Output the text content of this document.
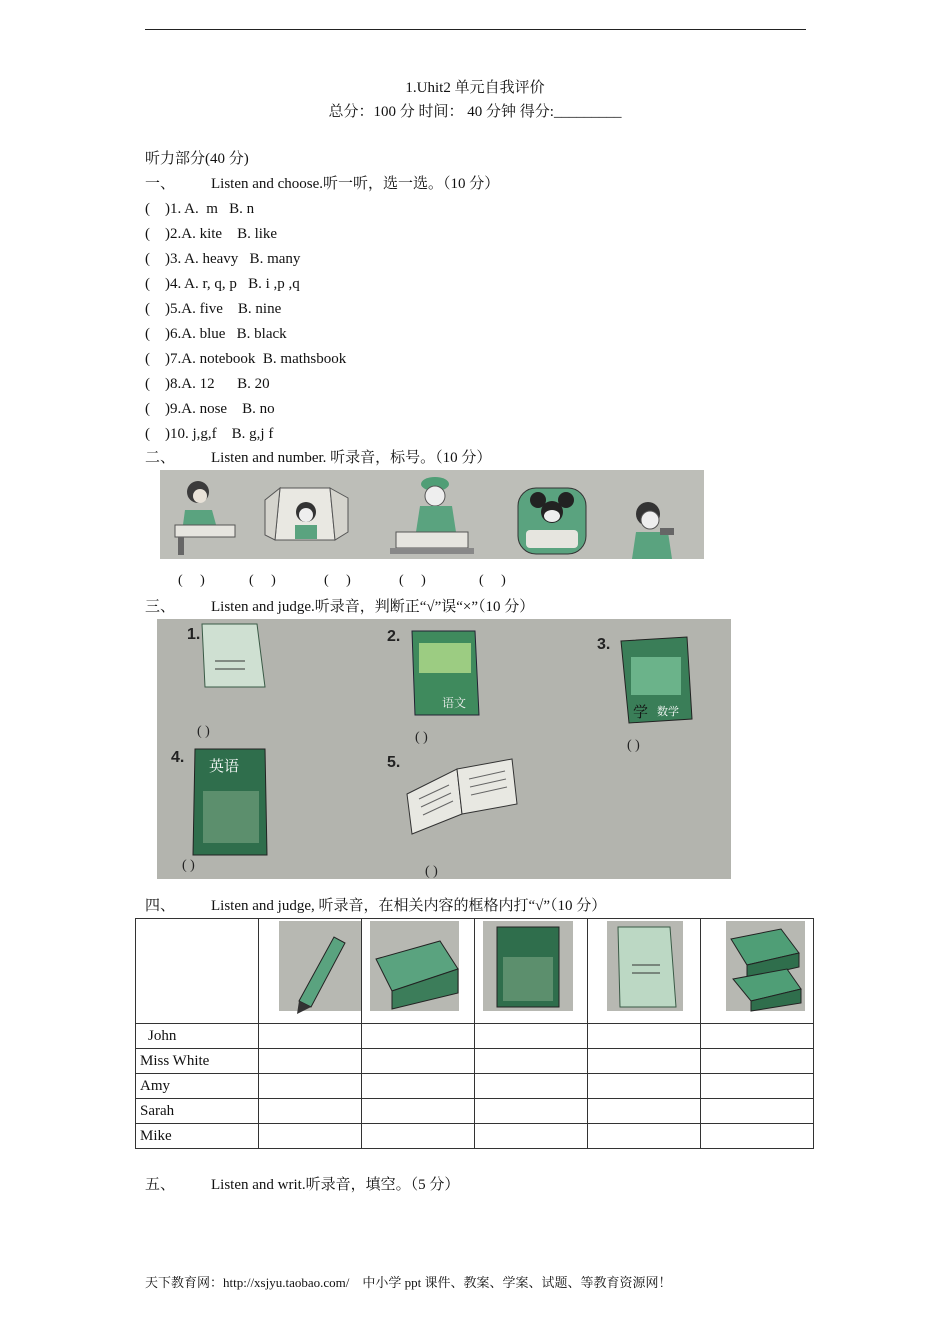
1.Uhit2 单元自我评价
总分：100 分 时间： 40 分钟 得分:_________
听力部分(40 分)
一、 Listen and choose.听一听，选一选。（10 分）
(    )1. A.  m   B. n
(    )2.A. kite    B. like
(    )3. A. heavy   B. many
(    )4. A. r, q, p   B. i ,p ,q
(    )5.A. five    B. nine
(    )6.A. blue   B. black
(    )7.A. notebook  B. mathsbook
(    )8.A. 12      B. 20
(    )9.A. nose    B. no
(    )10. j,g,f    B. g,j f
二、 Listen and number. 听录音，标号。（10 分）
(     )	(     )	(     )	(     )	(     )
三、 Listen and judge.听录音，判断正“√”误“×”（10 分）
1.	2.	3.
4.	5.
语文	学 数学
英语
( )	( )
( )
( )	( )
四、 Listen and judge, 听录音，在相关内容的框格内打“√”（10 分）

John					
Miss White					
Amy					
Sarah					
Mike					
五、 Listen and writ.听录音，填空。（5 分）
天下教育网：http://xsjyu.taobao.com/    中小学 ppt 课件、教案、学案、试题、等教育资源网！
